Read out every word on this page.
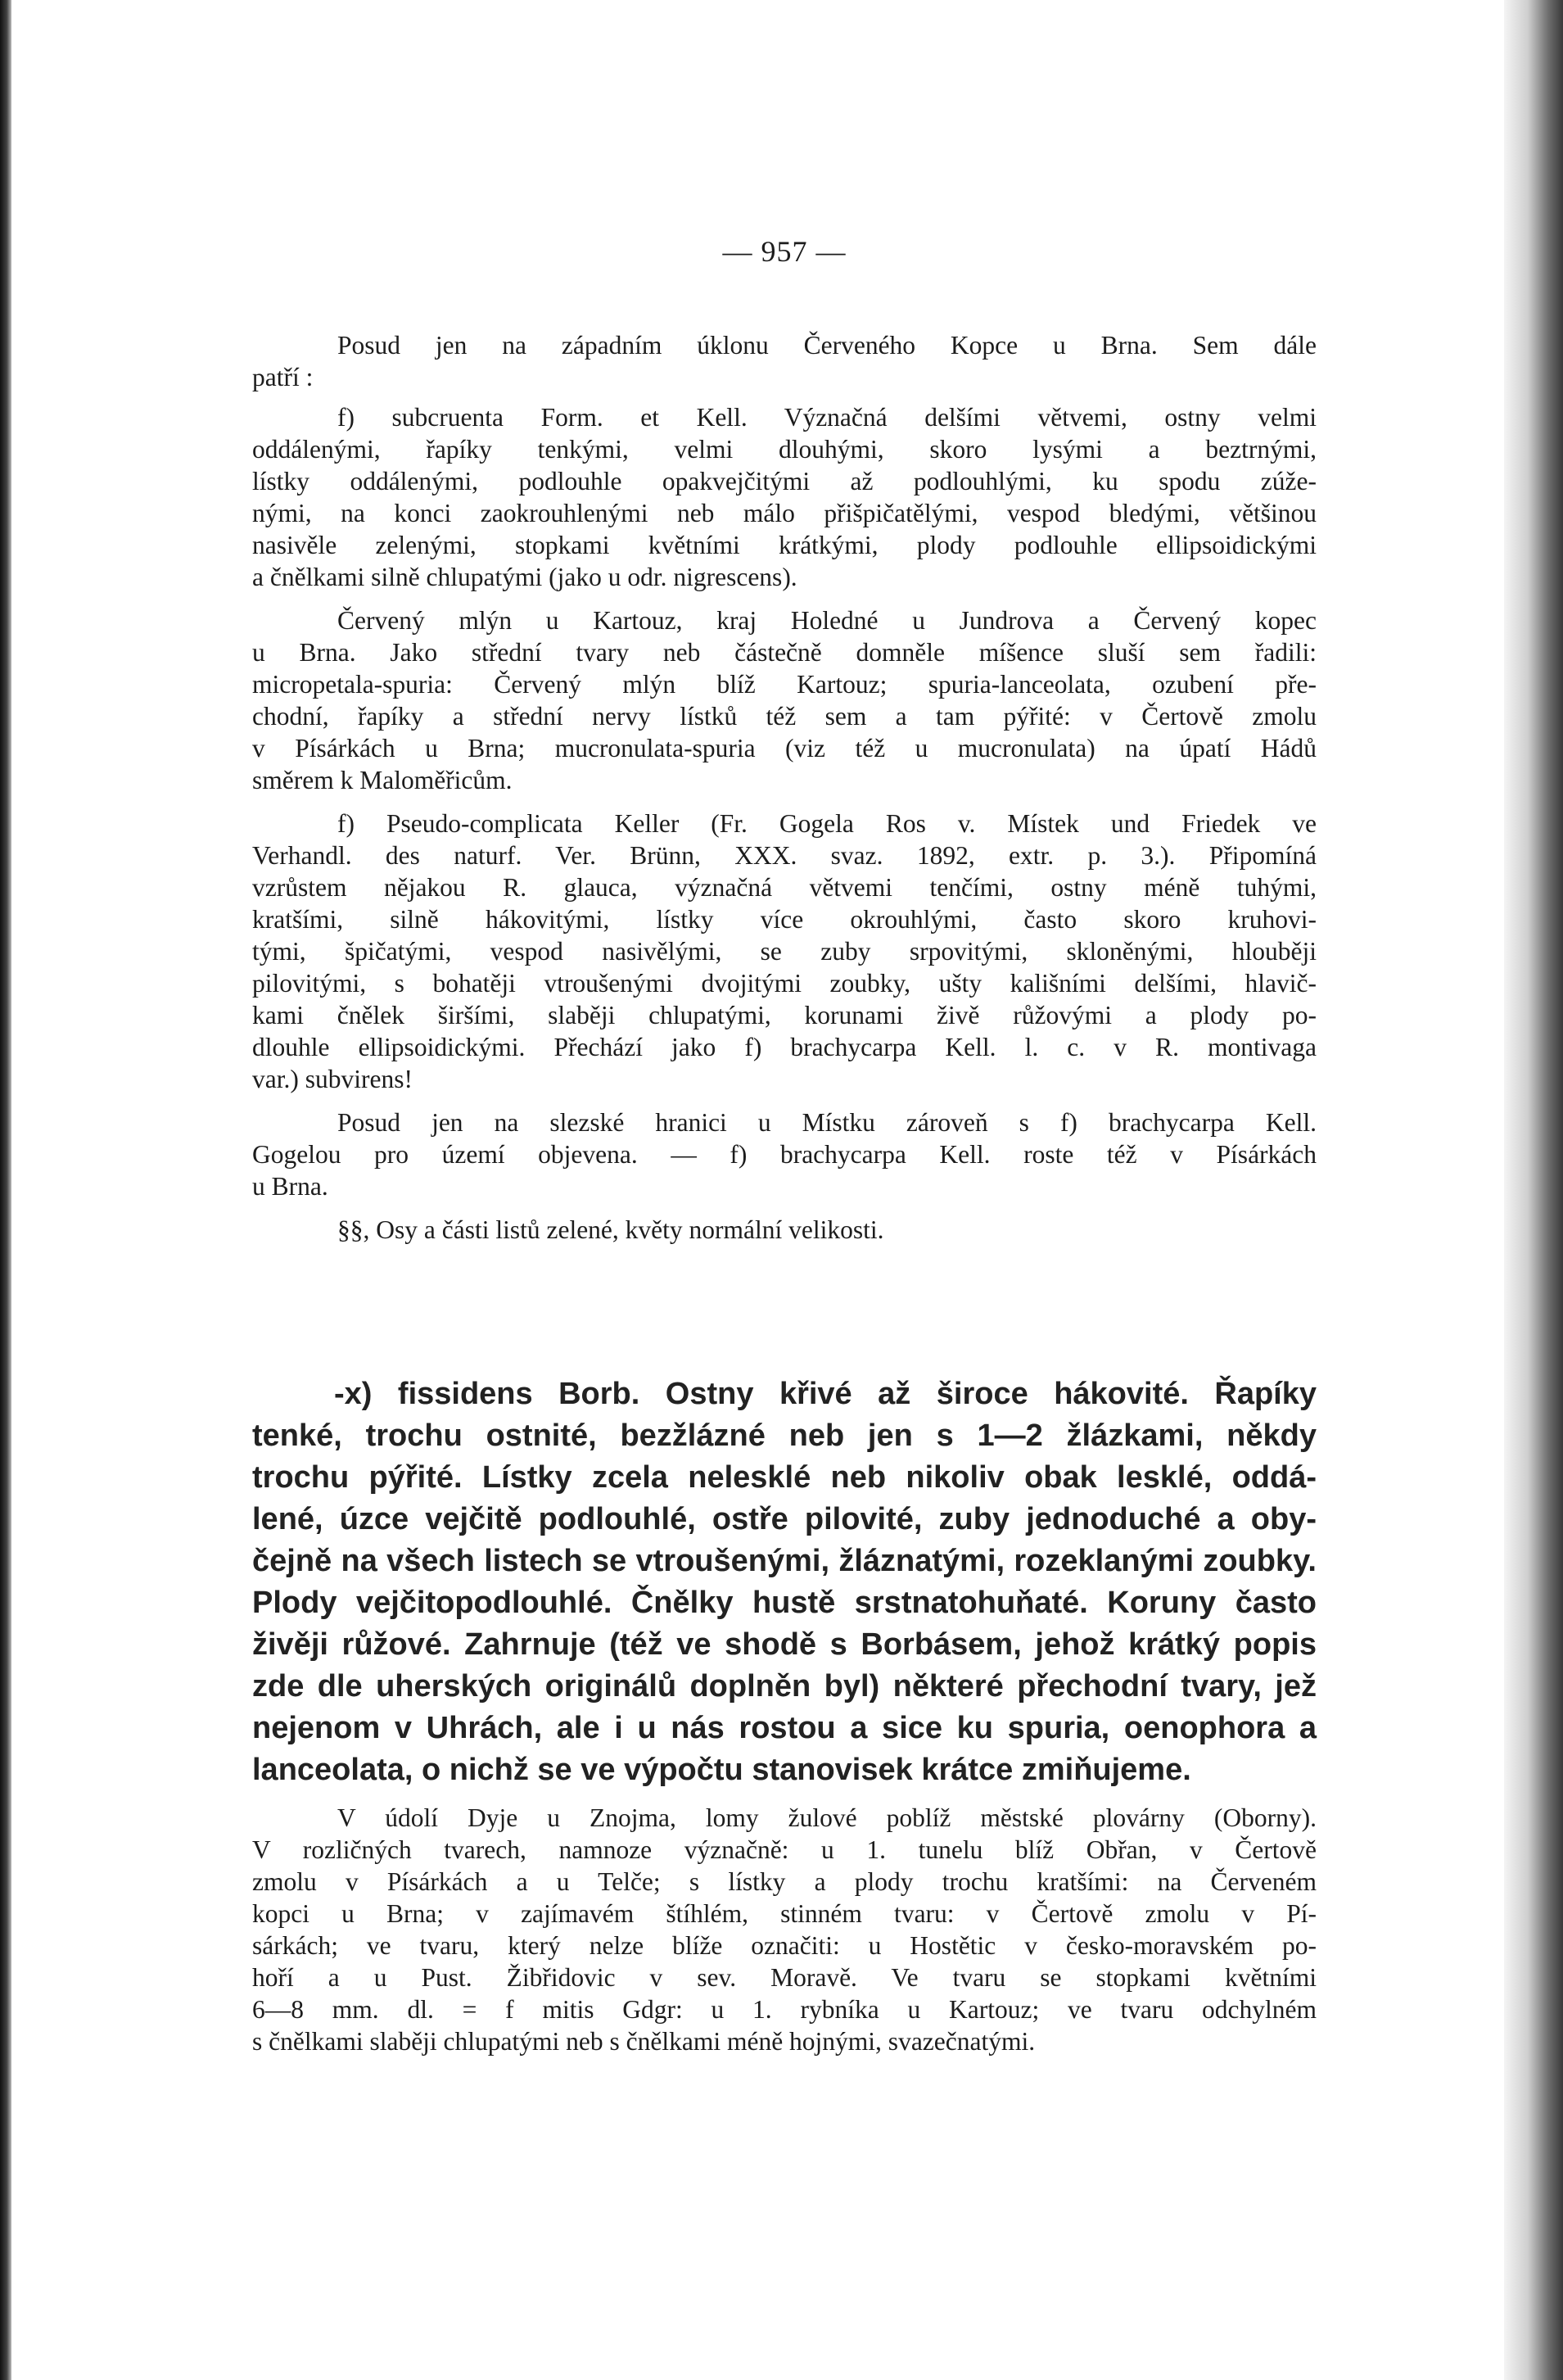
— 957 —

Posud jen na západním úklonu Červeného Kopce u Brna. Sem dále
patří :

f) subcruenta Form. et Kell. Význačná delšími větvemi, ostny velmi
oddálenými, řapíky tenkými, velmi dlouhými, skoro lysými a beztrnými,
lístky oddálenými, podlouhle opakvejčitými až podlouhlými, ku spodu zúže-
nými, na konci zaokrouhlenými neb málo přišpičatělými, vespod bledými, většinou
nasivěle zelenými, stopkami květními krátkými, plody podlouhle ellipsoidickými
a čnělkami silně chlupatými (jako u odr. nigrescens).

Červený mlýn u Kartouz, kraj Holedné u Jundrova a Červený kopec
u Brna. Jako střední tvary neb částečně domněle míšence sluší sem řadili:
micropetala-spuria: Červený mlýn blíž Kartouz; spuria-lanceolata, ozubení pře-
chodní, řapíky a střední nervy lístků též sem a tam pýřité: v Čertově zmolu
v Písárkách u Brna; mucronulata-spuria (viz též u mucronulata) na úpatí Hádů
směrem k Maloměřicům.

f) Pseudo-complicata Keller (Fr. Gogela Ros v. Místek und Friedek ve
Verhandl. des naturf. Ver. Brünn, XXX. svaz. 1892, extr. p. 3.). Připomíná
vzrůstem nějakou R. glauca, význačná větvemi tenčími, ostny méně tuhými,
kratšími, silně hákovitými, lístky více okrouhlými, často skoro kruhovi-
tými, špičatými, vespod nasivělými, se zuby srpovitými, skloněnými, hlouběji
pilovitými, s bohatěji vtroušenými dvojitými zoubky, ušty kališními delšími, hlavič-
kami čnělek širšími, slaběji chlupatými, korunami živě růžovými a plody po-
dlouhle ellipsoidickými. Přechází jako f) brachycarpa Kell. l. c. v R. montivaga
var.) subvirens!

Posud jen na slezské hranici u Místku zároveň s f) brachycarpa Kell.
Gogelou pro území objevena. — f) brachycarpa Kell. roste též v Písárkách
u Brna.

§§, Osy a části listů zelené, květy normální velikosti.

-x) fissidens Borb. Ostny křivé až široce hákovité. Řapíky
tenké, trochu ostnité, bezžlázné neb jen s 1—2 žlázkami, někdy
trochu pýřité. Lístky zcela nelesklé neb nikoliv obak lesklé, oddá-
lené, úzce vejčitě podlouhlé, ostře pilovité, zuby jednoduché a oby-
čejně na všech listech se vtroušenými, žláznatými, rozeklanými zoubky.
Plody vejčitopodlouhlé. Čnělky hustě srstnatohuňaté. Koruny často
živěji růžové. Zahrnuje (též ve shodě s Borbásem, jehož krátký popis
zde dle uherských originálů doplněn byl) některé přechodní tvary, jež
nejenom v Uhrách, ale i u nás rostou a sice ku spuria, oenophora a
lanceolata, o nichž se ve výpočtu stanovisek krátce zmiňujeme.

V údolí Dyje u Znojma, lomy žulové poblíž městské plovárny (Oborny).
V rozličných tvarech, namnoze význačně: u 1. tunelu blíž Obřan, v Čertově
zmolu v Písárkách a u Telče; s lístky a plody trochu kratšími: na Červeném
kopci u Brna; v zajímavém štíhlém, stinném tvaru: v Čertově zmolu v Pí-
sárkách; ve tvaru, který nelze blíže označiti: u Hostětic v česko-moravském po-
hoří a u Pust. Žibřidovic v sev. Moravě. Ve tvaru se stopkami květními
6—8 mm. dl. = f mitis Gdgr: u 1. rybníka u Kartouz; ve tvaru odchylném
s čnělkami slaběji chlupatými neb s čnělkami méně hojnými, svazečnatými.
